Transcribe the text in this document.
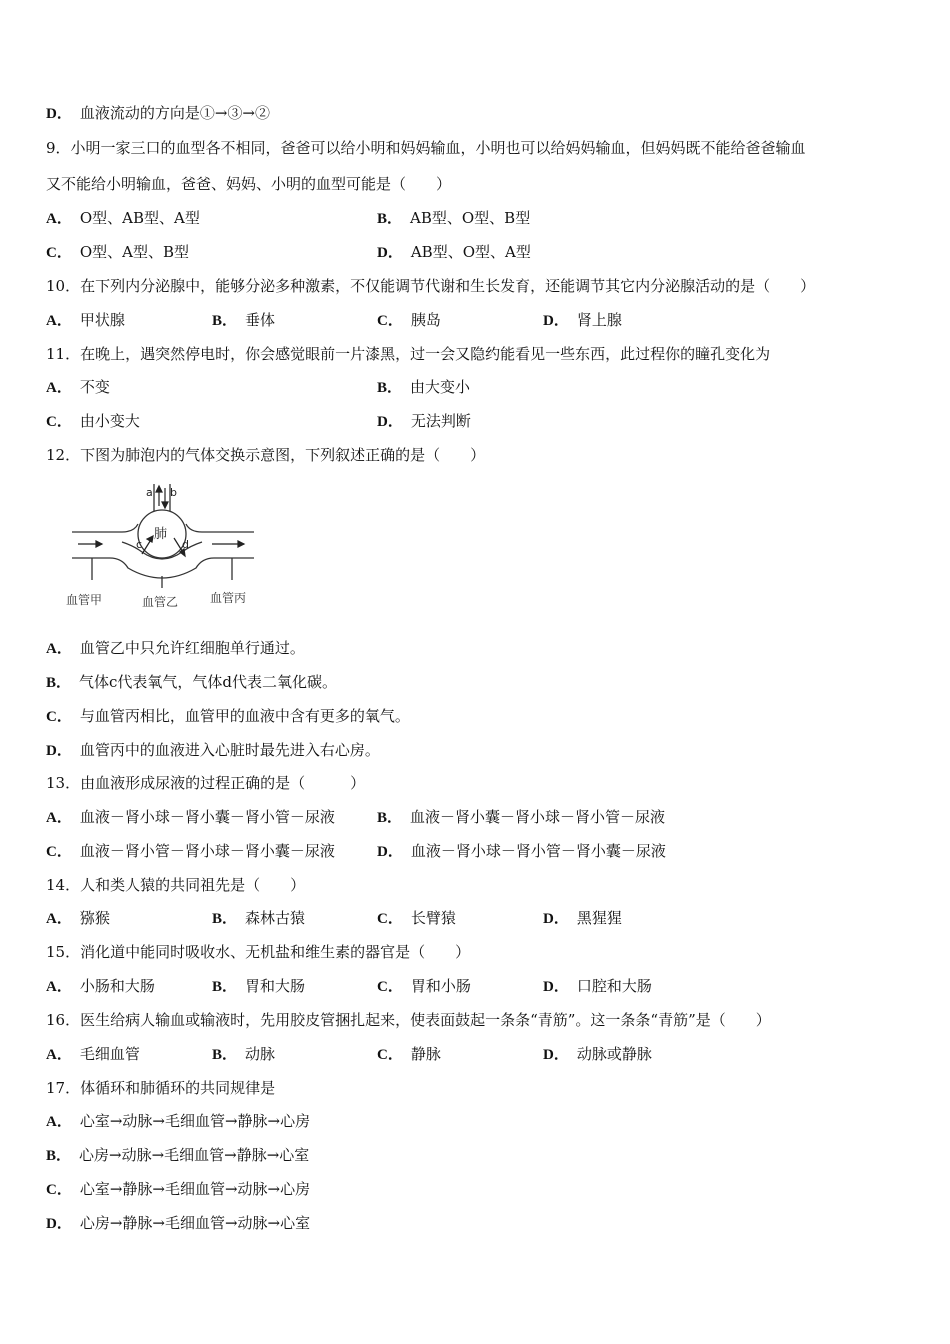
D． 血液流动的方向是①→③→②
9．小明一家三口的血型各不相同，爸爸可以给小明和妈妈输血，小明也可以给妈妈输血，但妈妈既不能给爸爸输血
又不能给小明输血，爸爸、妈妈、小明的血型可能是（　　）
A． O型、AB型、A型	B． AB型、O型、B型
C． O型、A型、B型	D． AB型、O型、A型
10．在下列内分泌腺中，能够分泌多种激素，不仅能调节代谢和生长发育，还能调节其它内分泌腺活动的是（　　）
A． 甲状腺	B． 垂体	C． 胰岛	D． 肾上腺
11．在晚上，遇突然停电时，你会感觉眼前一片漆黑，过一会又隐约能看见一些东西，此过程你的瞳孔变化为
A． 不变	B． 由大变小
C． 由小变大	D． 无法判断
12．下图为肺泡内的气体交换示意图，下列叙述正确的是（　　）
肺
a b
c	d
血管甲	血管乙	血管丙
A． 血管乙中只允许红细胞单行通过。
B． 气体c代表氧气，气体d代表二氧化碳。
C． 与血管丙相比，血管甲的血液中含有更多的氧气。
D． 血管丙中的血液进入心脏时最先进入右心房。
13．由血液形成尿液的过程正确的是（　　　）
A． 血液－肾小球－肾小囊－肾小管－尿液	B． 血液－肾小囊－肾小球－肾小管－尿液
C． 血液－肾小管－肾小球－肾小囊－尿液	D． 血液－肾小球－肾小管－肾小囊－尿液
14．人和类人猿的共同祖先是（　　）
A． 猕猴	B． 森林古猿	C． 长臂猿	D． 黑猩猩
15．消化道中能同时吸收水、无机盐和维生素的器官是（　　）
A． 小肠和大肠	B． 胃和大肠	C． 胃和小肠	D． 口腔和大肠
16．医生给病人输血或输液时，先用胶皮管捆扎起来，使表面鼓起一条条“青筋”。这一条条“青筋”是（　　）
A． 毛细血管	B． 动脉	C． 静脉	D． 动脉或静脉
17．体循环和肺循环的共同规律是
A． 心室→动脉→毛细血管→静脉→心房
B． 心房→动脉→毛细血管→静脉→心室
C． 心室→静脉→毛细血管→动脉→心房
D． 心房→静脉→毛细血管→动脉→心室
